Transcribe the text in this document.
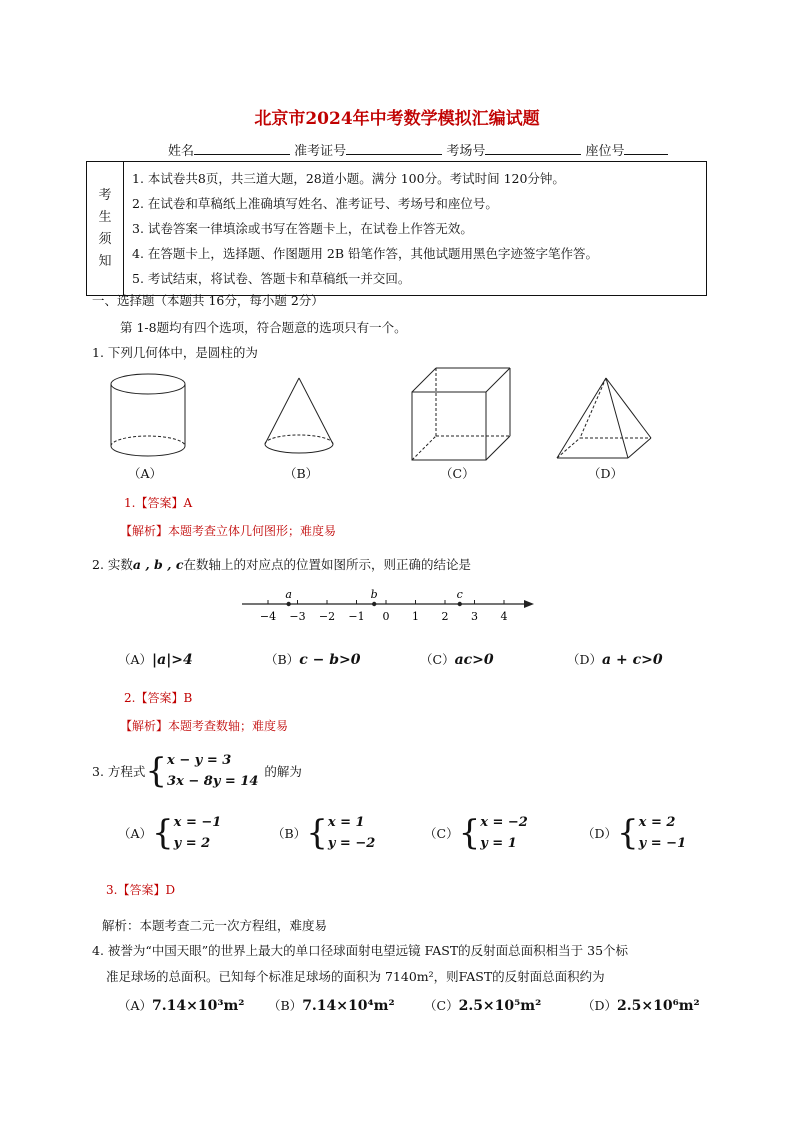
北京市2024年中考数学模拟汇编试题
姓名	准考证号	考场号	座位号
考
生
须
知

1. 本试卷共8页，共三道大题，28道小题。满分 100分。考试时间 120分钟。
2. 在试卷和草稿纸上准确填写姓名、准考证号、考场号和座位号。
3. 试卷答案一律填涂或书写在答题卡上，在试卷上作答无效。
4. 在答题卡上，选择题、作图题用 2B 铅笔作答，其他试题用黑色字迹签字笔作答。
5. 考试结束，将试卷、答题卡和草稿纸一并交回。
一、选择题（本题共 16分，每小题 2分）
第 1-8题均有四个选项，符合题意的选项只有一个。
1. 下列几何体中，是圆柱的为
（A）	（B）	（C）	（D）
1.【答案】A
【解析】本题考查立体几何图形；难度易
2. 实数a , b , c在数轴上的对应点的位置如图所示，则正确的结论是
−4 −3 −2 −1 0 1 2 3 4
a	b	c
（A）|a|>4	（B）c − b>0	（C）ac>0	（D）a + c>0
2.【答案】B
【解析】本题考查数轴；难度易
3. 方程式{ x − y = 3
3x − 8y = 14
的解为
（A）{ x = −1
y = 2
（B）{ x = 1
y = −2
（C）{ x = −2
y = 1
（D）{ x = 2
y = −1
3.【答案】D
解析：本题考查二元一次方程组，难度易
4. 被誉为“中国天眼”的世界上最大的单口径球面射电望远镜 FAST的反射面总面积相当于 35个标
准足球场的总面积。已知每个标准足球场的面积为 7140m²，则FAST的反射面总面积约为
（A）7.14×10³m² （B）7.14×10⁴m² （C）2.5×10⁵m²	（D）2.5×10⁶m²
